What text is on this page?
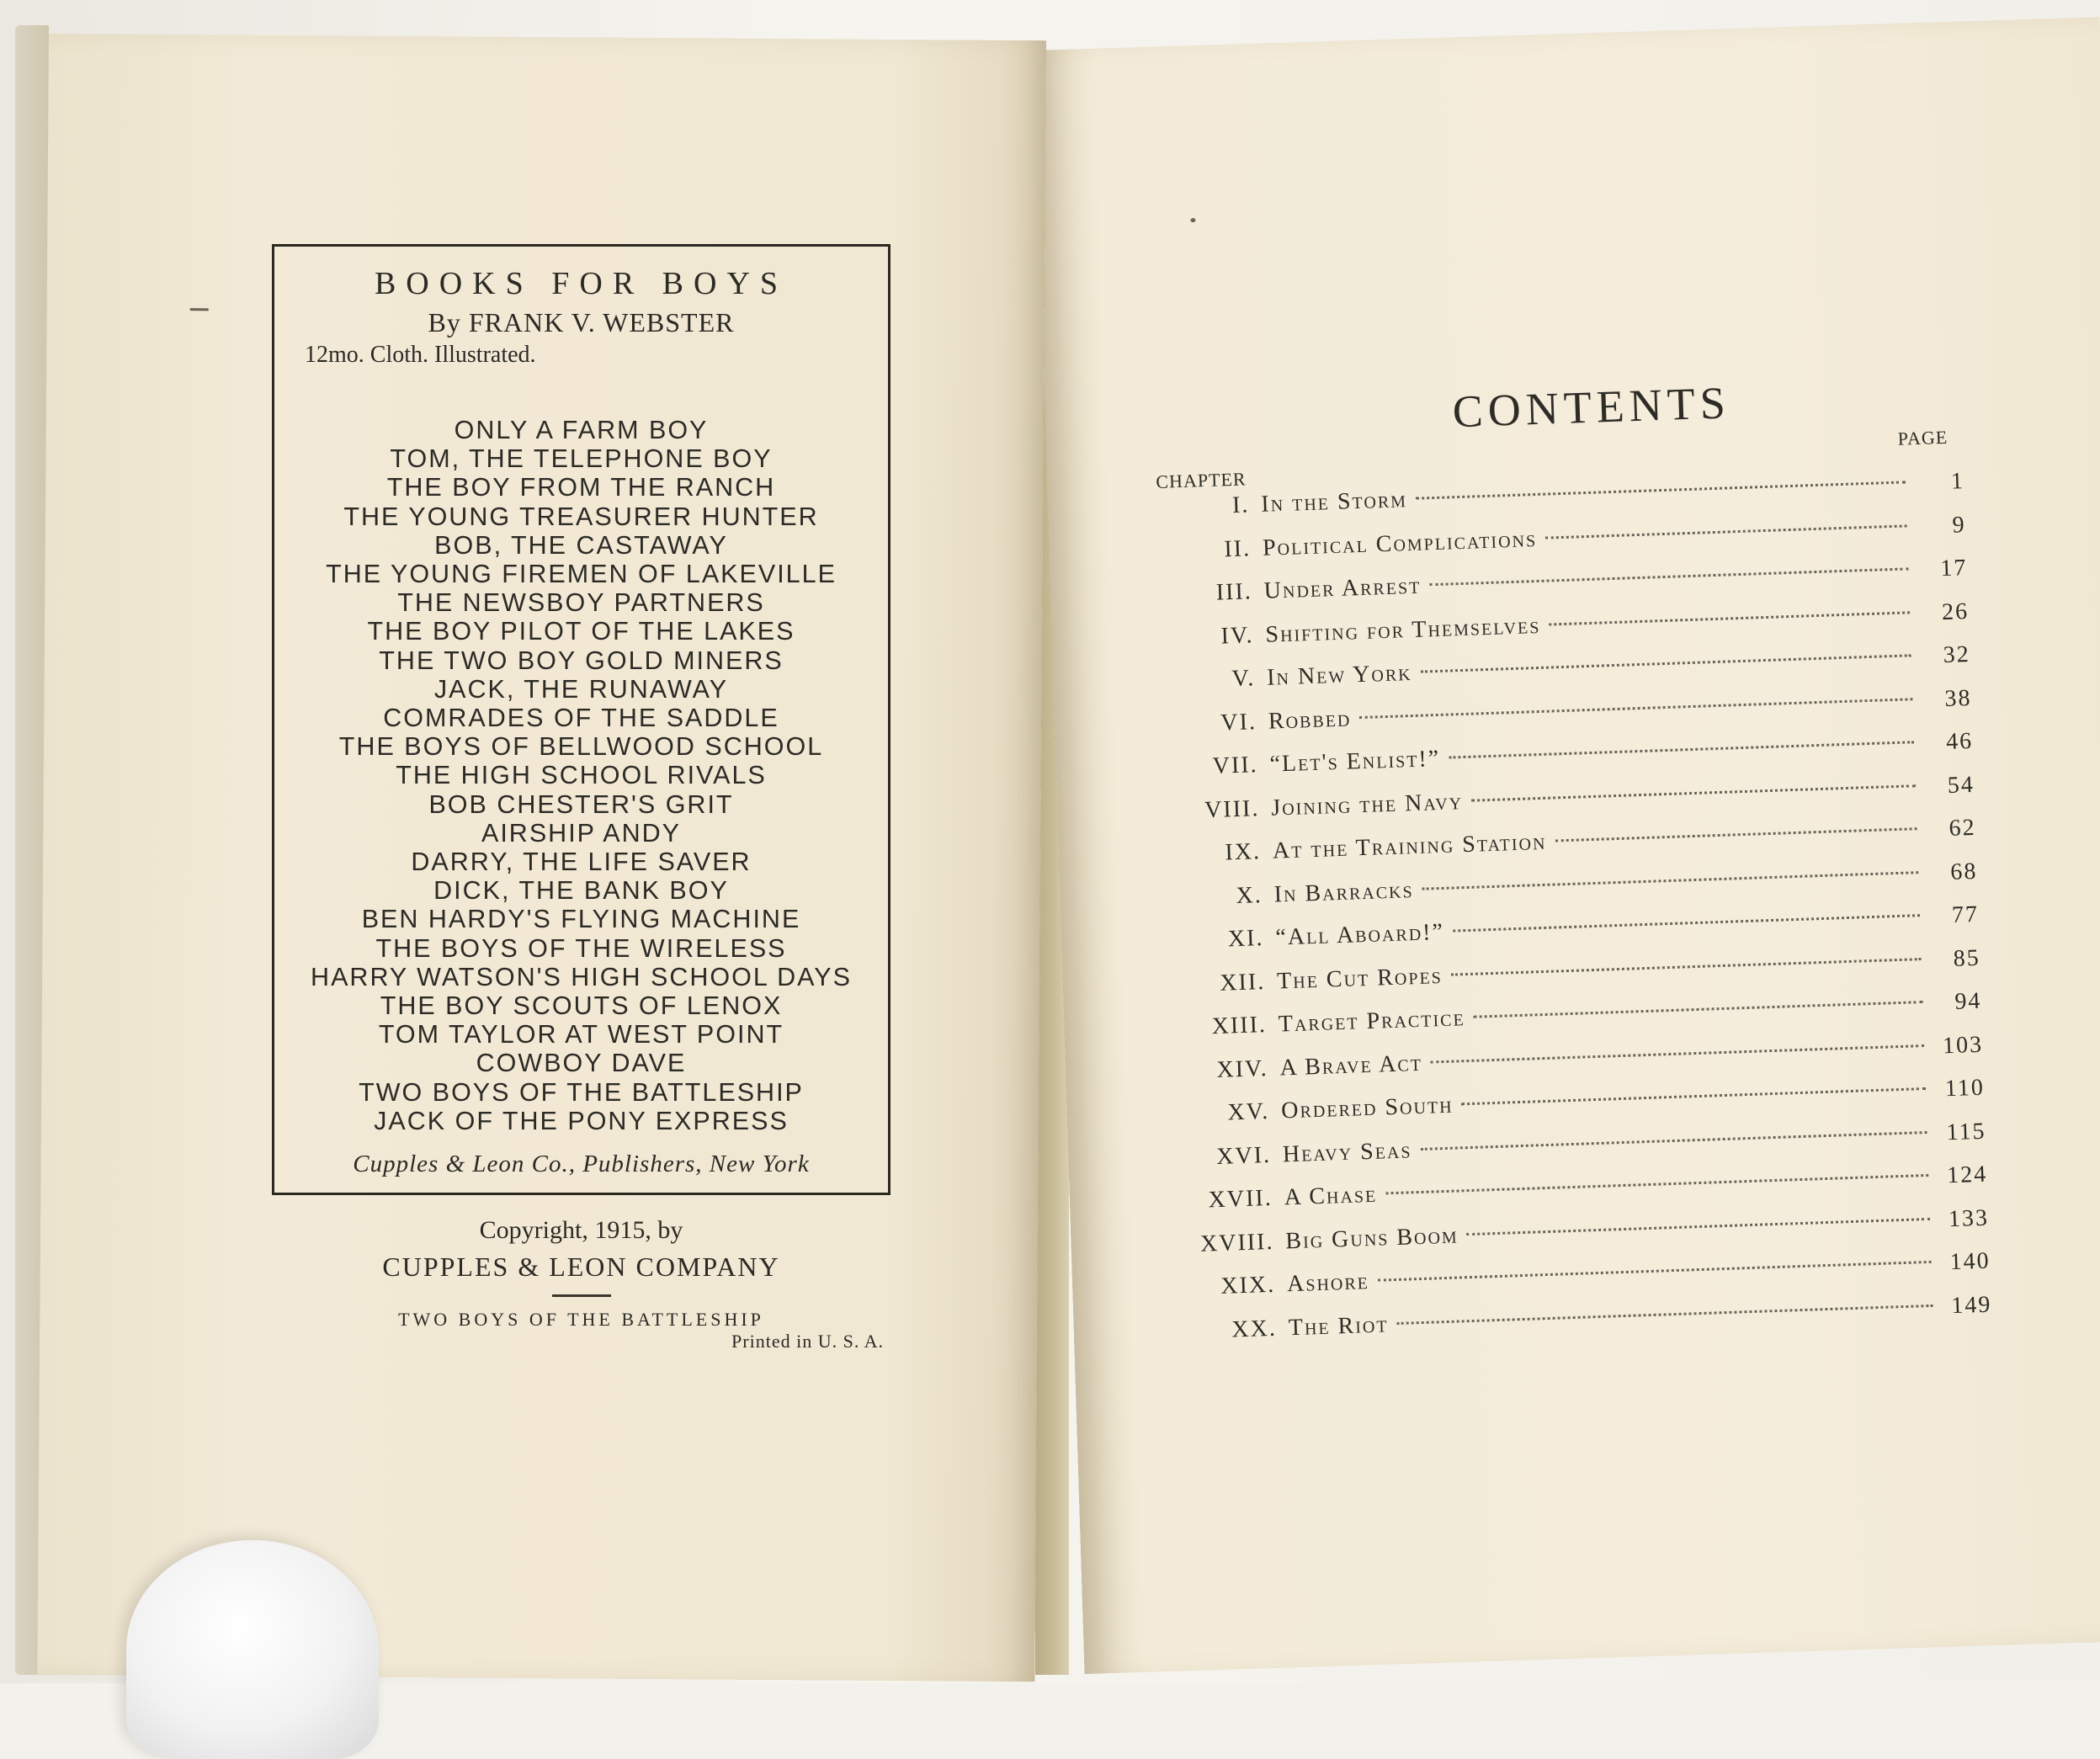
BOOKS FOR BOYS
By FRANK V. WEBSTER
12mo. Cloth. Illustrated.
ONLY A FARM BOY
TOM, THE TELEPHONE BOY
THE BOY FROM THE RANCH
THE YOUNG TREASURER HUNTER
BOB, THE CASTAWAY
THE YOUNG FIREMEN OF LAKEVILLE
THE NEWSBOY PARTNERS
THE BOY PILOT OF THE LAKES
THE TWO BOY GOLD MINERS
JACK, THE RUNAWAY
COMRADES OF THE SADDLE
THE BOYS OF BELLWOOD SCHOOL
THE HIGH SCHOOL RIVALS
BOB CHESTER'S GRIT
AIRSHIP ANDY
DARRY, THE LIFE SAVER
DICK, THE BANK BOY
BEN HARDY'S FLYING MACHINE
THE BOYS OF THE WIRELESS
HARRY WATSON'S HIGH SCHOOL DAYS
THE BOY SCOUTS OF LENOX
TOM TAYLOR AT WEST POINT
COWBOY DAVE
TWO BOYS OF THE BATTLESHIP
JACK OF THE PONY EXPRESS
Cupples & Leon Co., Publishers, New York
Copyright, 1915, by
CUPPLES & LEON COMPANY
TWO BOYS OF THE BATTLESHIP
Printed in U. S. A.
CONTENTS
PAGE
CHAPTER
I. In the Storm
1
II. Political Complications
9
III. Under Arrest
17
IV. Shifting for Themselves
26
V. In New York
32
VI. Robbed
38
VII. “Let's Enlist!”
46
VIII. Joining the Navy
54
IX. At the Training Station
62
X. In Barracks
68
XI. “All Aboard!”
77
XII. The Cut Ropes
85
XIII. Target Practice
94
XIV. A Brave Act
103
XV. Ordered South
110
XVI. Heavy Seas
115
XVII. A Chase
124
XVIII. Big Guns Boom
133
XIX. Ashore
140
XX. The Riot
149
